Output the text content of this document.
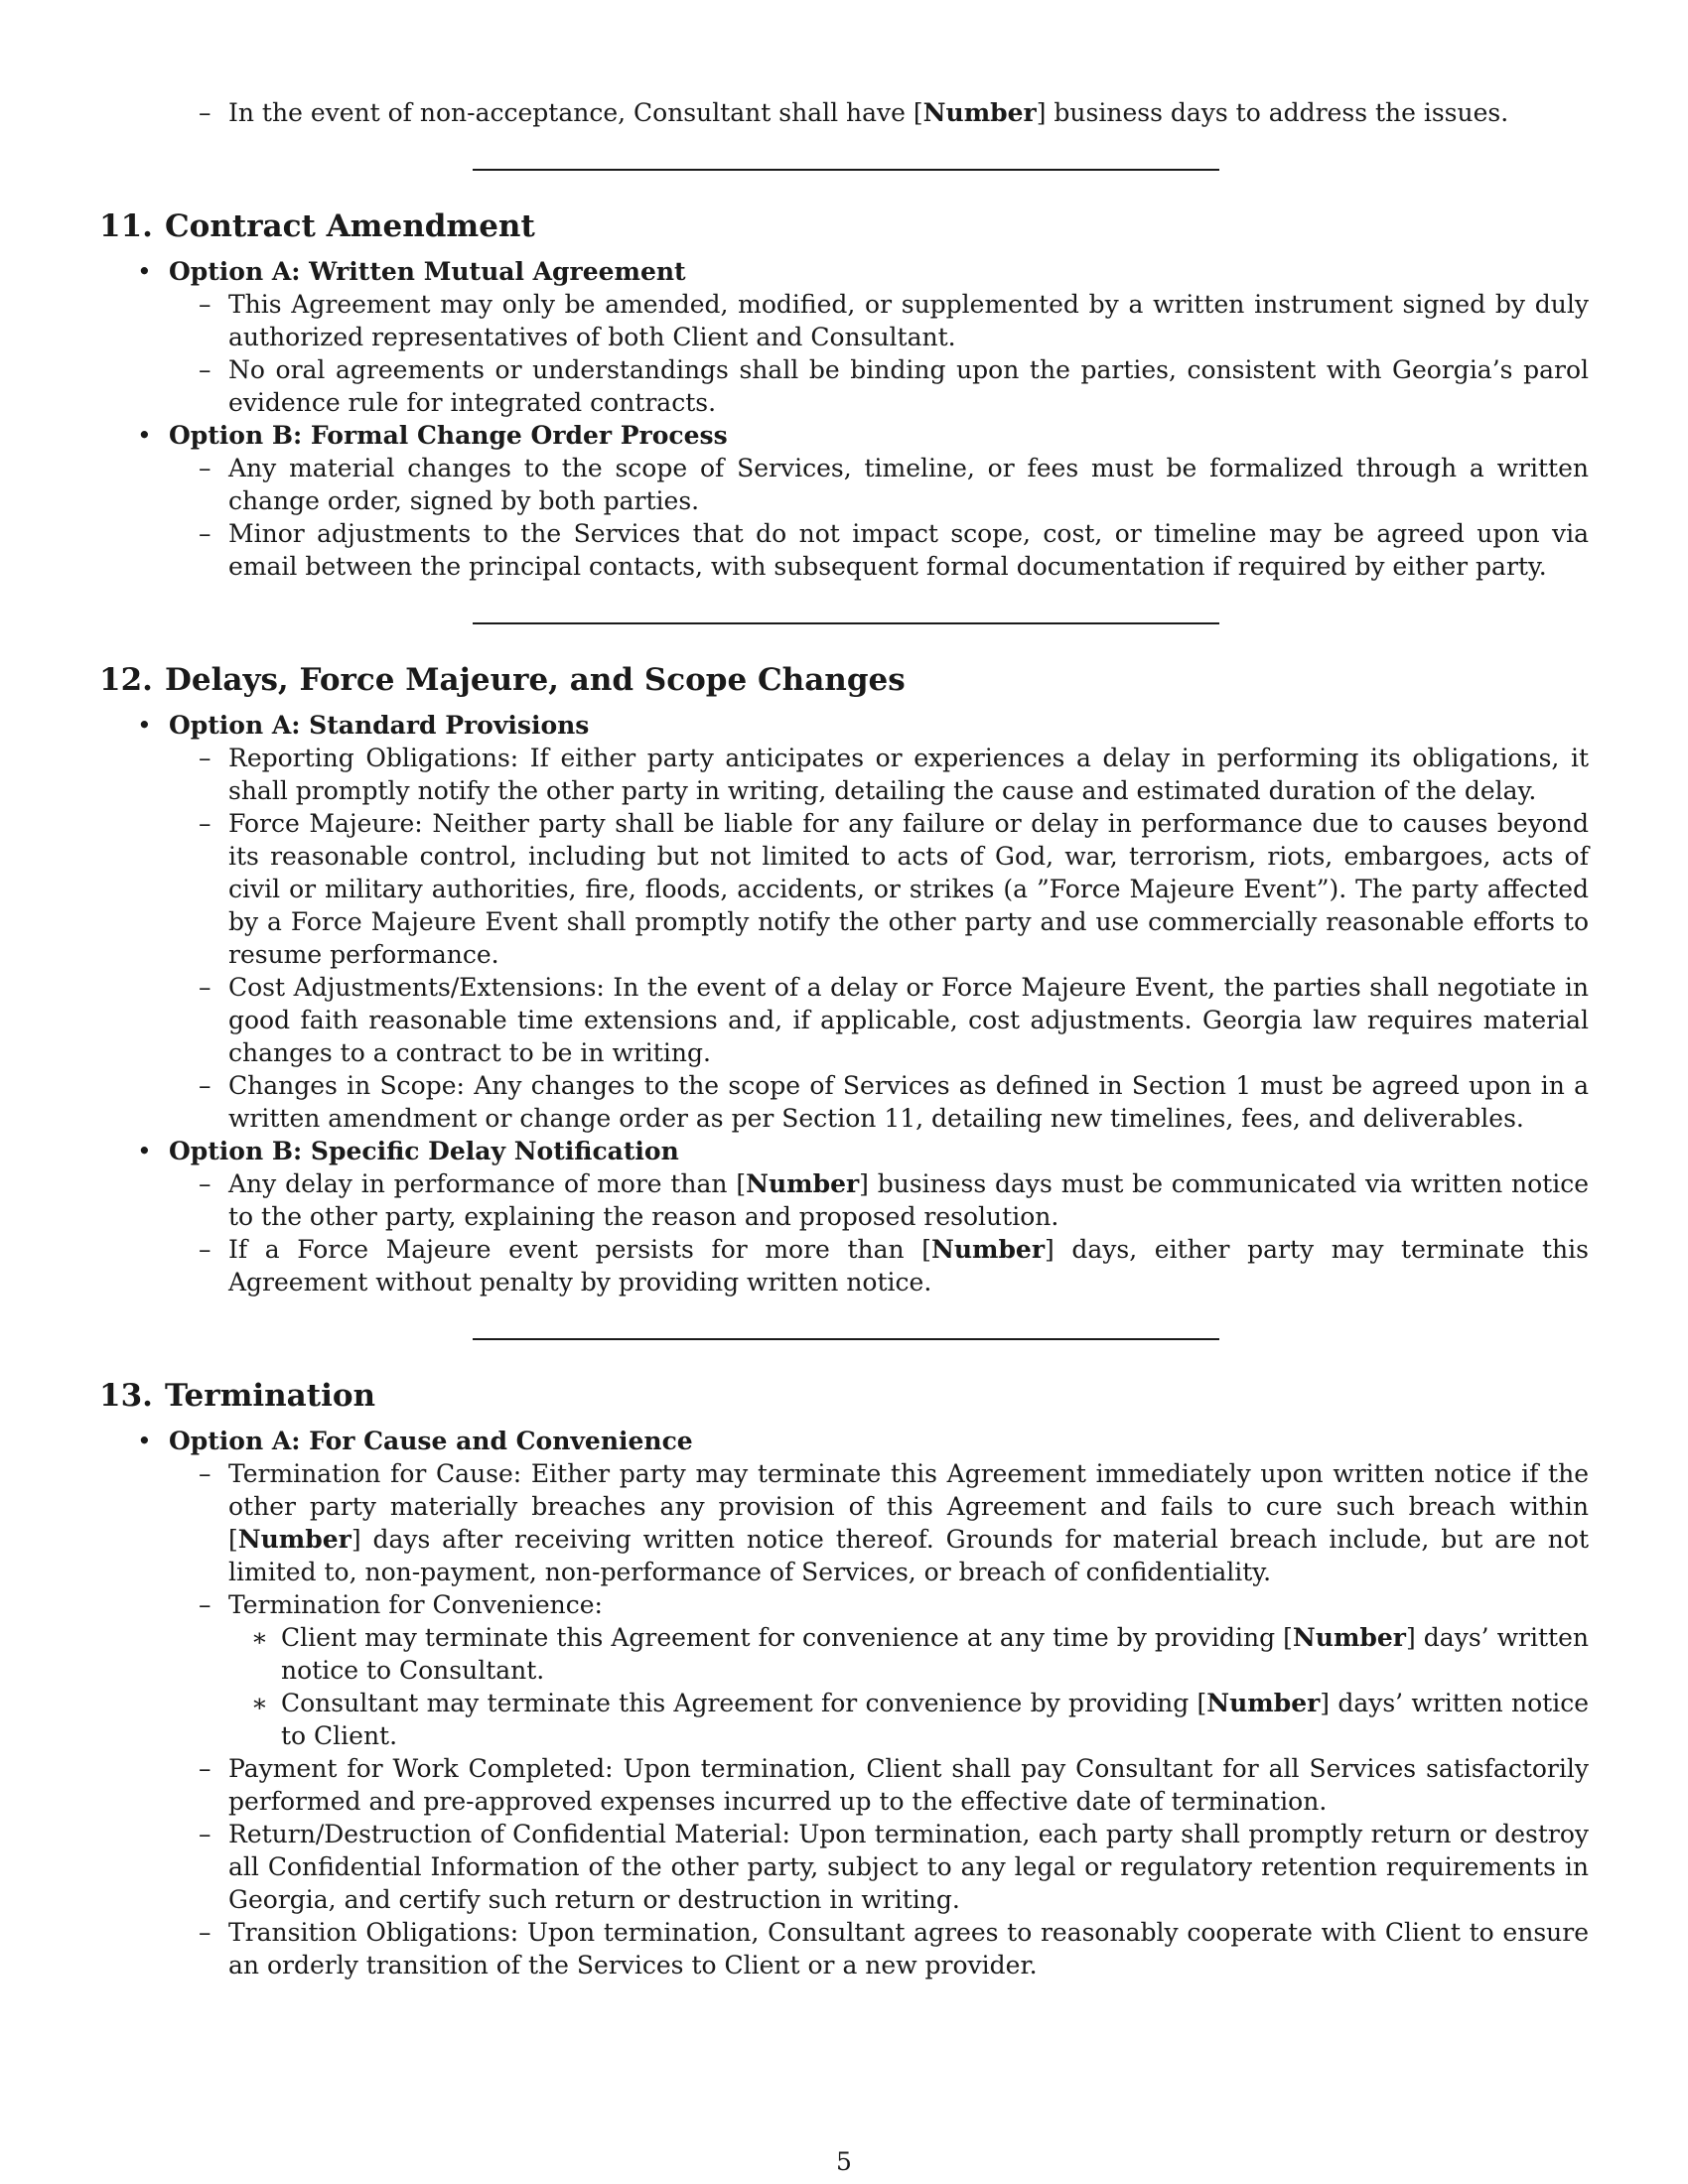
– In the event of non-acceptance, Consultant shall have [Number] business days to address the issues.
11. Contract Amendment
• Option A: Written Mutual Agreement
– This Agreement may only be amended, modified, or supplemented by a written instrument signed by duly authorized representatives of both Client and Consultant.
– No oral agreements or understandings shall be binding upon the parties, consistent with Georgia’s parol evidence rule for integrated contracts.
• Option B: Formal Change Order Process
– Any material changes to the scope of Services, timeline, or fees must be formalized through a written change order, signed by both parties.
– Minor adjustments to the Services that do not impact scope, cost, or timeline may be agreed upon via email between the principal contacts, with subsequent formal documentation if required by either party.
12. Delays, Force Majeure, and Scope Changes
• Option A: Standard Provisions
– Reporting Obligations: If either party anticipates or experiences a delay in performing its obligations, it shall promptly notify the other party in writing, detailing the cause and estimated duration of the delay.
– Force Majeure: Neither party shall be liable for any failure or delay in performance due to causes beyond its reasonable control, including but not limited to acts of God, war, terrorism, riots, embargoes, acts of civil or military authorities, fire, floods, accidents, or strikes (a ”Force Majeure Event”). The party affected by a Force Majeure Event shall promptly notify the other party and use commercially reasonable efforts to resume performance.
– Cost Adjustments/Extensions: In the event of a delay or Force Majeure Event, the parties shall negotiate in good faith reasonable time extensions and, if applicable, cost adjustments. Georgia law requires material changes to a contract to be in writing.
– Changes in Scope: Any changes to the scope of Services as defined in Section 1 must be agreed upon in a written amendment or change order as per Section 11, detailing new timelines, fees, and deliverables.
• Option B: Specific Delay Notification
– Any delay in performance of more than [Number] business days must be communicated via written notice to the other party, explaining the reason and proposed resolution.
– If a Force Majeure event persists for more than [Number] days, either party may terminate this Agreement without penalty by providing written notice.
13. Termination
• Option A: For Cause and Convenience
– Termination for Cause: Either party may terminate this Agreement immediately upon written notice if the other party materially breaches any provision of this Agreement and fails to cure such breach within [Number] days after receiving written notice thereof. Grounds for material breach include, but are not limited to, non-payment, non-performance of Services, or breach of confidentiality.
– Termination for Convenience:
∗ Client may terminate this Agreement for convenience at any time by providing [Number] days’ written notice to Consultant.
∗ Consultant may terminate this Agreement for convenience by providing [Number] days’ written notice to Client.
– Payment for Work Completed: Upon termination, Client shall pay Consultant for all Services satisfactorily performed and pre-approved expenses incurred up to the effective date of termination.
– Return/Destruction of Confidential Material: Upon termination, each party shall promptly return or destroy all Confidential Information of the other party, subject to any legal or regulatory retention requirements in Georgia, and certify such return or destruction in writing.
– Transition Obligations: Upon termination, Consultant agrees to reasonably cooperate with Client to ensure an orderly transition of the Services to Client or a new provider.
5
